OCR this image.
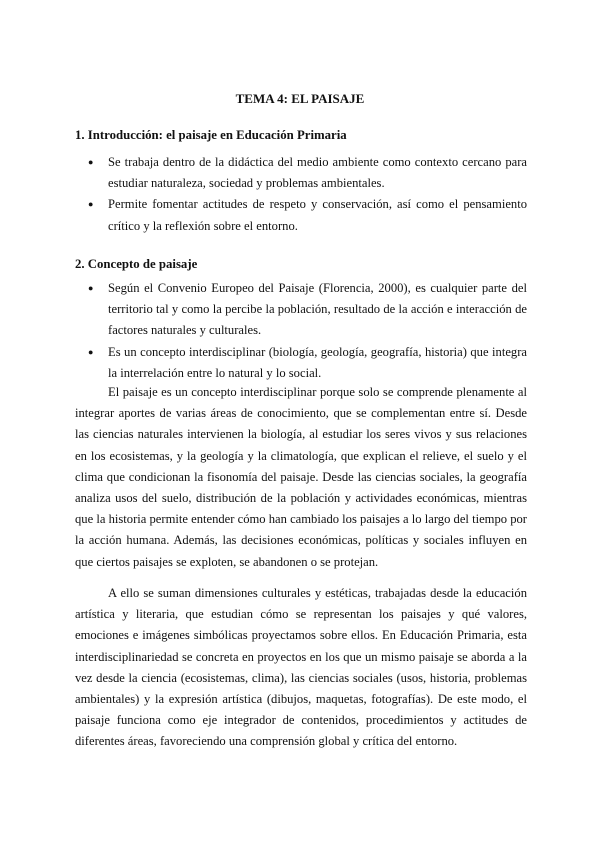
TEMA 4: EL PAISAJE
1. Introducción: el paisaje en Educación Primaria
● Se trabaja dentro de la didáctica del medio ambiente como contexto cercano para estudiar naturaleza, sociedad y problemas ambientales.
● Permite fomentar actitudes de respeto y conservación, así como el pensamiento crítico y la reflexión sobre el entorno.
2. Concepto de paisaje
● Según el Convenio Europeo del Paisaje (Florencia, 2000), es cualquier parte del territorio tal y como la percibe la población, resultado de la acción e interacción de factores naturales y culturales.
● Es un concepto interdisciplinar (biología, geología, geografía, historia) que integra la interrelación entre lo natural y lo social.

El paisaje es un concepto interdisciplinar porque solo se comprende plenamente al integrar aportes de varias áreas de conocimiento, que se complementan entre sí. Desde las ciencias naturales intervienen la biología, al estudiar los seres vivos y sus relaciones en los ecosistemas, y la geología y la climatología, que explican el relieve, el suelo y el clima que condicionan la fisonomía del paisaje. Desde las ciencias sociales, la geografía analiza usos del suelo, distribución de la población y actividades económicas, mientras que la historia permite entender cómo han cambiado los paisajes a lo largo del tiempo por la acción humana. Además, las decisiones económicas, políticas y sociales influyen en que ciertos paisajes se exploten, se abandonen o se protejan.

A ello se suman dimensiones culturales y estéticas, trabajadas desde la educación artística y literaria, que estudian cómo se representan los paisajes y qué valores, emociones e imágenes simbólicas proyectamos sobre ellos. En Educación Primaria, esta interdisciplinariedad se concreta en proyectos en los que un mismo paisaje se aborda a la vez desde la ciencia (ecosistemas, clima), las ciencias sociales (usos, historia, problemas ambientales) y la expresión artística (dibujos, maquetas, fotografías). De este modo, el paisaje funciona como eje integrador de contenidos, procedimientos y actitudes de diferentes áreas, favoreciendo una comprensión global y crítica del entorno.
